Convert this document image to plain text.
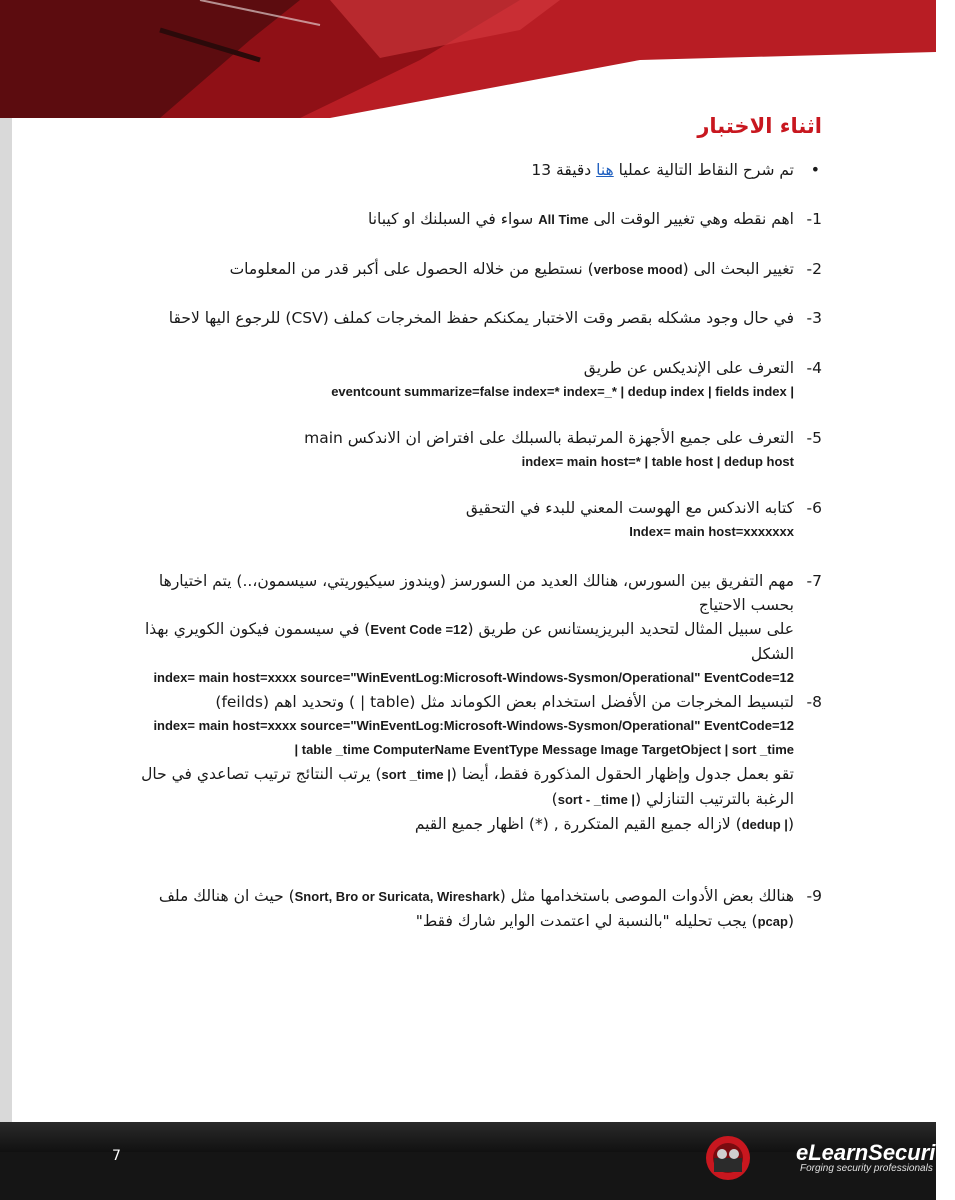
اثناء الاختبار
•
تم شرح النقاط التالية عمليا هنا دقيقة 13
-1
اهم نقطه وهي تغيير الوقت الى All Time سواء في السبلنك او كيبانا
-2
تغيير البحث الى (verbose mood) نستطيع من خلاله الحصول على أكبر قدر من المعلومات
-3
في حال وجود مشكله بقصر وقت الاختبار يمكنكم حفظ المخرجات كملف (CSV) للرجوع اليها لاحقا
-4
التعرف على الإنديكس عن طريق
eventcount summarize=false index=* index=_* | dedup index | fields index |
-5
التعرف على جميع الأجهزة المرتبطة بالسبلك على افتراض ان الاندكس main
index= main host=* | table host | dedup host
-6
كتابه الاندكس مع الهوست المعني للبدء في التحقيق
Index= main host=xxxxxxx
-7
مهم التفريق بين السورس، هنالك العديد من السورسز (ويندوز سيكيوريتي، سيسمون،..) يتم اختيارها بحسب الاحتياج
على سبيل المثال لتحديد البريزيستانس عن طريق (Event Code =12) في سيسمون فيكون الكويري بهذا الشكل
index= main host=xxxx source="WinEventLog:Microsoft-Windows-Sysmon/Operational" EventCode=12
-8
لتبسيط المخرجات من الأفضل استخدام بعض الكوماند مثل (table | ) وتحديد اهم (feilds)
index= main host=xxxx source="WinEventLog:Microsoft-Windows-Sysmon/Operational" EventCode=12
| table _time ComputerName EventType Message Image TargetObject | sort _time
تقو بعمل جدول وإظهار الحقول المذكورة فقط، أيضا (sort _time |) يرتب النتائج ترتيب تصاعدي في حال
الرغبة بالترتيب التنازلي (sort - _time |)
(dedup |) لازاله جميع القيم المتكررة , (*) اظهار جميع القيم
-9
هنالك بعض الأدوات الموصى باستخدامها مثل (Snort, Bro or Suricata, Wireshark) حيث ان هنالك ملف
(pcap) يجب تحليله "بالنسبة لي اعتمدت الواير شارك فقط"
7	eLearnSecurity
Forging security professionals
